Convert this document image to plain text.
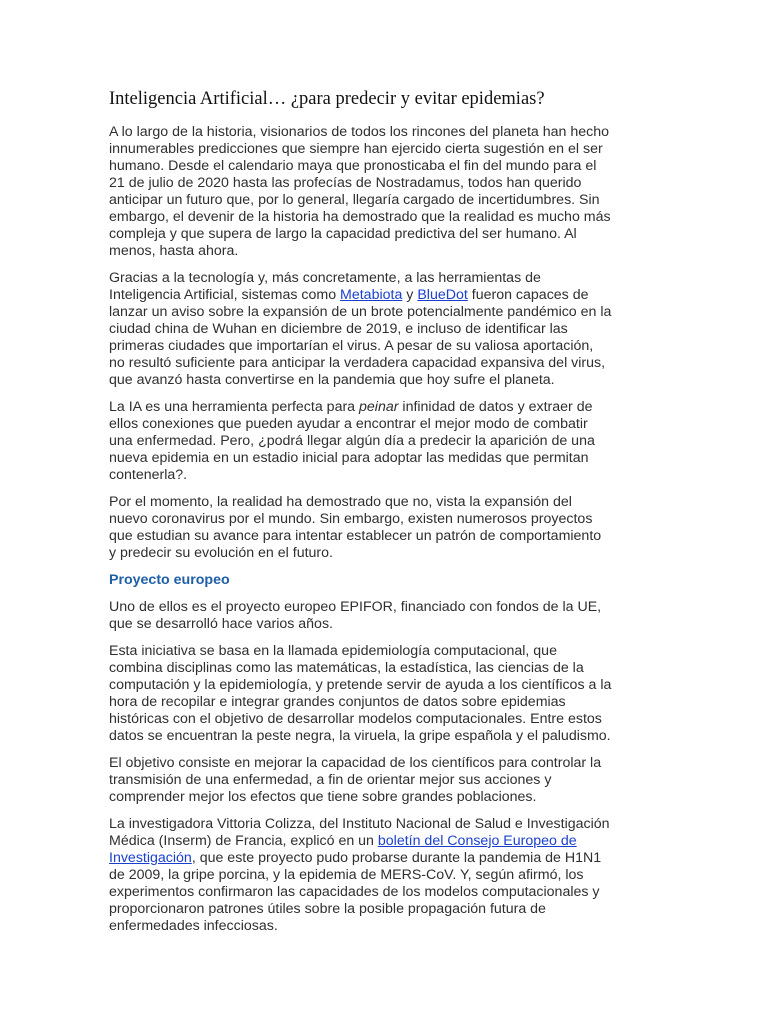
Inteligencia Artificial… ¿para predecir y evitar epidemias?

A lo largo de la historia, visionarios de todos los rincones del planeta han hecho
innumerables predicciones que siempre han ejercido cierta sugestión en el ser
humano. Desde el calendario maya que pronosticaba el fin del mundo para el
21 de julio de 2020 hasta las profecías de Nostradamus, todos han querido
anticipar un futuro que, por lo general, llegaría cargado de incertidumbres. Sin
embargo, el devenir de la historia ha demostrado que la realidad es mucho más
compleja y que supera de largo la capacidad predictiva del ser humano. Al
menos, hasta ahora.

Gracias a la tecnología y, más concretamente, a las herramientas de
Inteligencia Artificial, sistemas como Metabiota y BlueDot fueron capaces de
lanzar un aviso sobre la expansión de un brote potencialmente pandémico en la
ciudad china de Wuhan en diciembre de 2019, e incluso de identificar las
primeras ciudades que importarían el virus. A pesar de su valiosa aportación,
no resultó suficiente para anticipar la verdadera capacidad expansiva del virus,
que avanzó hasta convertirse en la pandemia que hoy sufre el planeta.

La IA es una herramienta perfecta para peinar infinidad de datos y extraer de
ellos conexiones que pueden ayudar a encontrar el mejor modo de combatir
una enfermedad. Pero, ¿podrá llegar algún día a predecir la aparición de una
nueva epidemia en un estadio inicial para adoptar las medidas que permitan
contenerla?.

Por el momento, la realidad ha demostrado que no, vista la expansión del
nuevo coronavirus por el mundo. Sin embargo, existen numerosos proyectos
que estudian su avance para intentar establecer un patrón de comportamiento
y predecir su evolución en el futuro.

Proyecto europeo

Uno de ellos es el proyecto europeo EPIFOR, financiado con fondos de la UE,
que se desarrolló hace varios años.

Esta iniciativa se basa en la llamada epidemiología computacional, que
combina disciplinas como las matemáticas, la estadística, las ciencias de la
computación y la epidemiología, y pretende servir de ayuda a los científicos a la
hora de recopilar e integrar grandes conjuntos de datos sobre epidemias
históricas con el objetivo de desarrollar modelos computacionales. Entre estos
datos se encuentran la peste negra, la viruela, la gripe española y el paludismo.

El objetivo consiste en mejorar la capacidad de los científicos para controlar la
transmisión de una enfermedad, a fin de orientar mejor sus acciones y
comprender mejor los efectos que tiene sobre grandes poblaciones.

La investigadora Vittoria Colizza, del Instituto Nacional de Salud e Investigación
Médica (Inserm) de Francia, explicó en un boletín del Consejo Europeo de
Investigación, que este proyecto pudo probarse durante la pandemia de H1N1
de 2009, la gripe porcina, y la epidemia de MERS-CoV. Y, según afirmó, los
experimentos confirmaron las capacidades de los modelos computacionales y
proporcionaron patrones útiles sobre la posible propagación futura de
enfermedades infecciosas.
